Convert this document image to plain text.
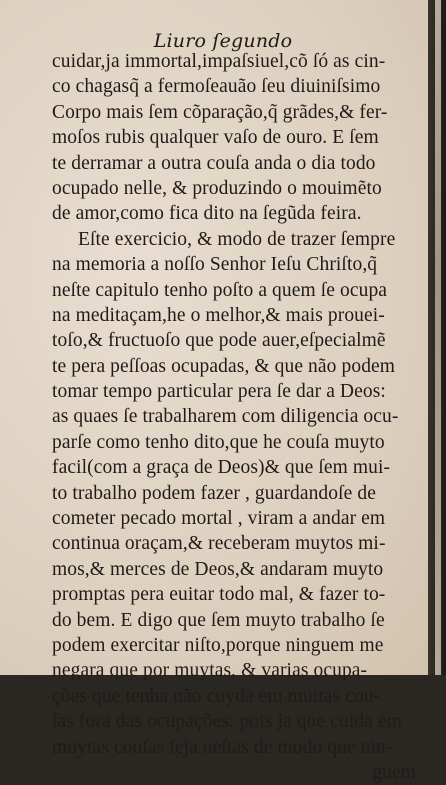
Liuro ſegundo
cuidar,ja immortal,impaſsiuel,cõ ſó as cin-
co chagasq̃ a fermoſeauão ſeu diuiniſsimo
Corpo mais ſem cõparação,q̃ grãdes,& fer-
moſos rubis qualquer vaſo de ouro. E ſem
te derramar a outra couſa anda o dia todo
ocupado nelle, & produzindo o mouimẽto
de amor,como fica dito na ſegũda feira.
Eſte exercicio, & modo de trazer ſempre
na memoria a noſſo Senhor Ieſu Chriſto,q̃
neſte capitulo tenho poſto a quem ſe ocupa
na meditaçam,he o melhor,& mais prouei-
toſo,& fructuoſo que pode auer,eſpecialmẽ
te pera peſſoas ocupadas, & que não podem
tomar tempo particular pera ſe dar a Deos:
as quaes ſe trabalharem com diligencia ocu-
parſe como tenho dito,que he couſa muyto
facil(com a graça de Deos)& que ſem mui-
to trabalho podem fazer , guardandoſe de
cometer pecado mortal , viram a andar em
continua oraçam,& receberam muytos mi-
mos,& merces de Deos,& andaram muyto
promptas pera euitar todo mal, & fazer to-
do bem. E digo que ſem muyto trabalho ſe
podem exercitar niſto,porque ninguem me
negara que por muytas, & varias ocupa-
ções que tenha não cuyda em muitas cou-
ſas fora das ocupações: pois ja que cuida em
muytas couſas ſeja neſtas de modo que nin-
guem
